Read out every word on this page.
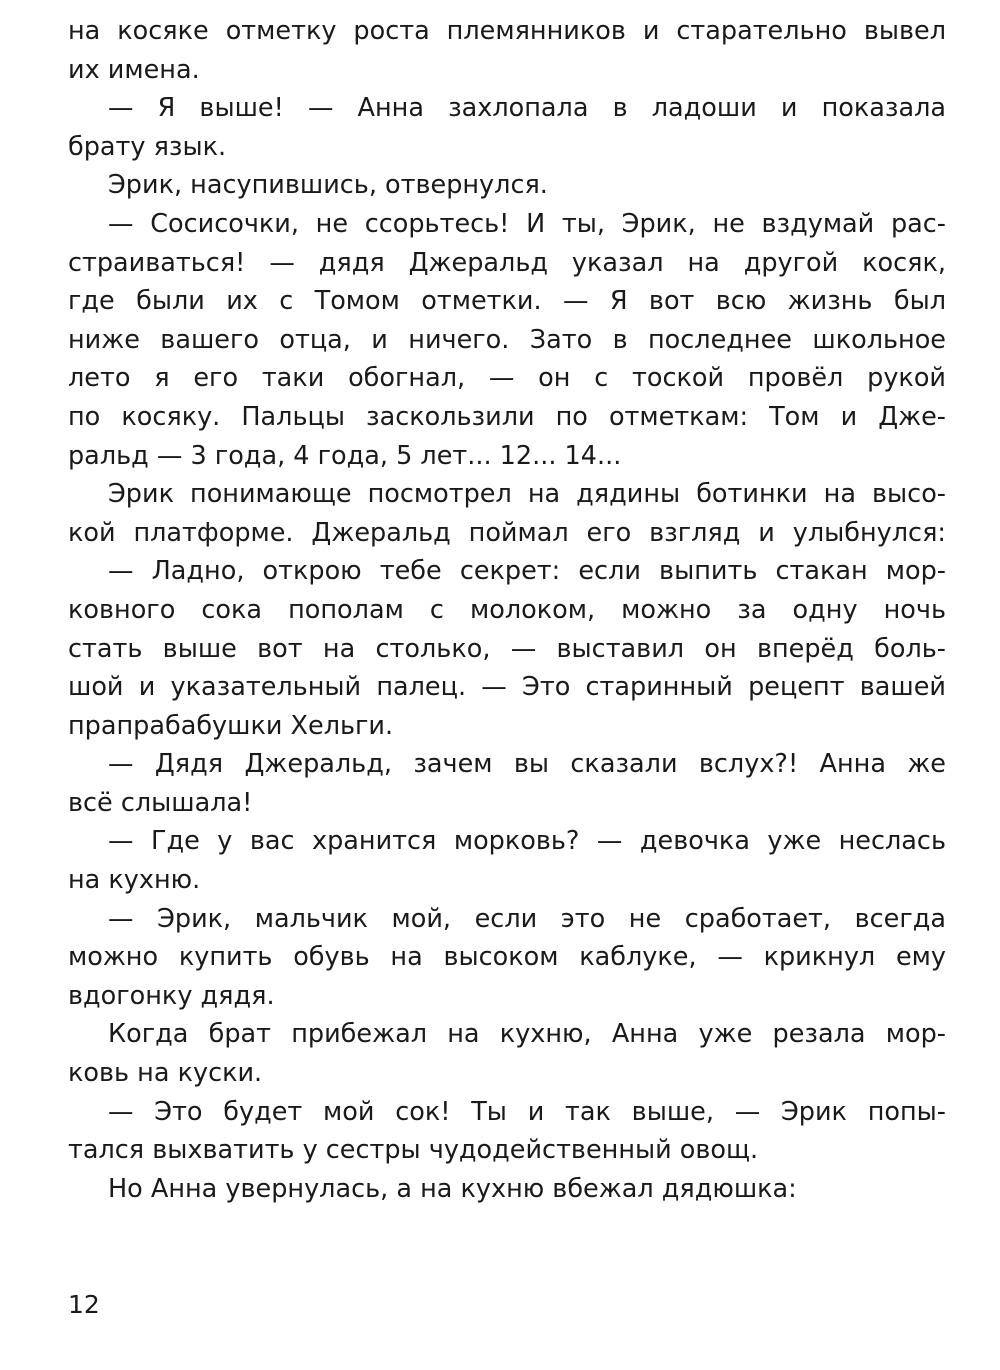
на косяке отметку роста племянников и старательно вывел
их имена.
— Я выше! — Анна захлопала в ладоши и показала
брату язык.
Эрик, насупившись, отвернулся.
— Сосисочки, не ссорьтесь! И ты, Эрик, не вздумай рас-
страиваться! — дядя Джеральд указал на другой косяк,
где были их с Томом отметки. — Я вот всю жизнь был
ниже вашего отца, и ничего. Зато в последнее школьное
лето я его таки обогнал, — он с тоской провёл рукой
по косяку. Пальцы заскользили по отметкам: Том и Дже-
ральд — 3 года, 4 года, 5 лет... 12... 14...
Эрик понимающе посмотрел на дядины ботинки на высо-
кой платформе. Джеральд поймал его взгляд и улыбнулся:
— Ладно, открою тебе секрет: если выпить стакан мор-
ковного сока пополам с молоком, можно за одну ночь
стать выше вот на столько, — выставил он вперёд боль-
шой и указательный палец. — Это старинный рецепт вашей
прапрабабушки Хельги.
— Дядя Джеральд, зачем вы сказали вслух?! Анна же
всё слышала!
— Где у вас хранится морковь? — девочка уже неслась
на кухню.
— Эрик, мальчик мой, если это не сработает, всегда
можно купить обувь на высоком каблуке, — крикнул ему
вдогонку дядя.
Когда брат прибежал на кухню, Анна уже резала мор-
ковь на куски.
— Это будет мой сок! Ты и так выше, — Эрик попы-
тался выхватить у сестры чудодейственный овощ.
Но Анна увернулась, а на кухню вбежал дядюшка:
12
